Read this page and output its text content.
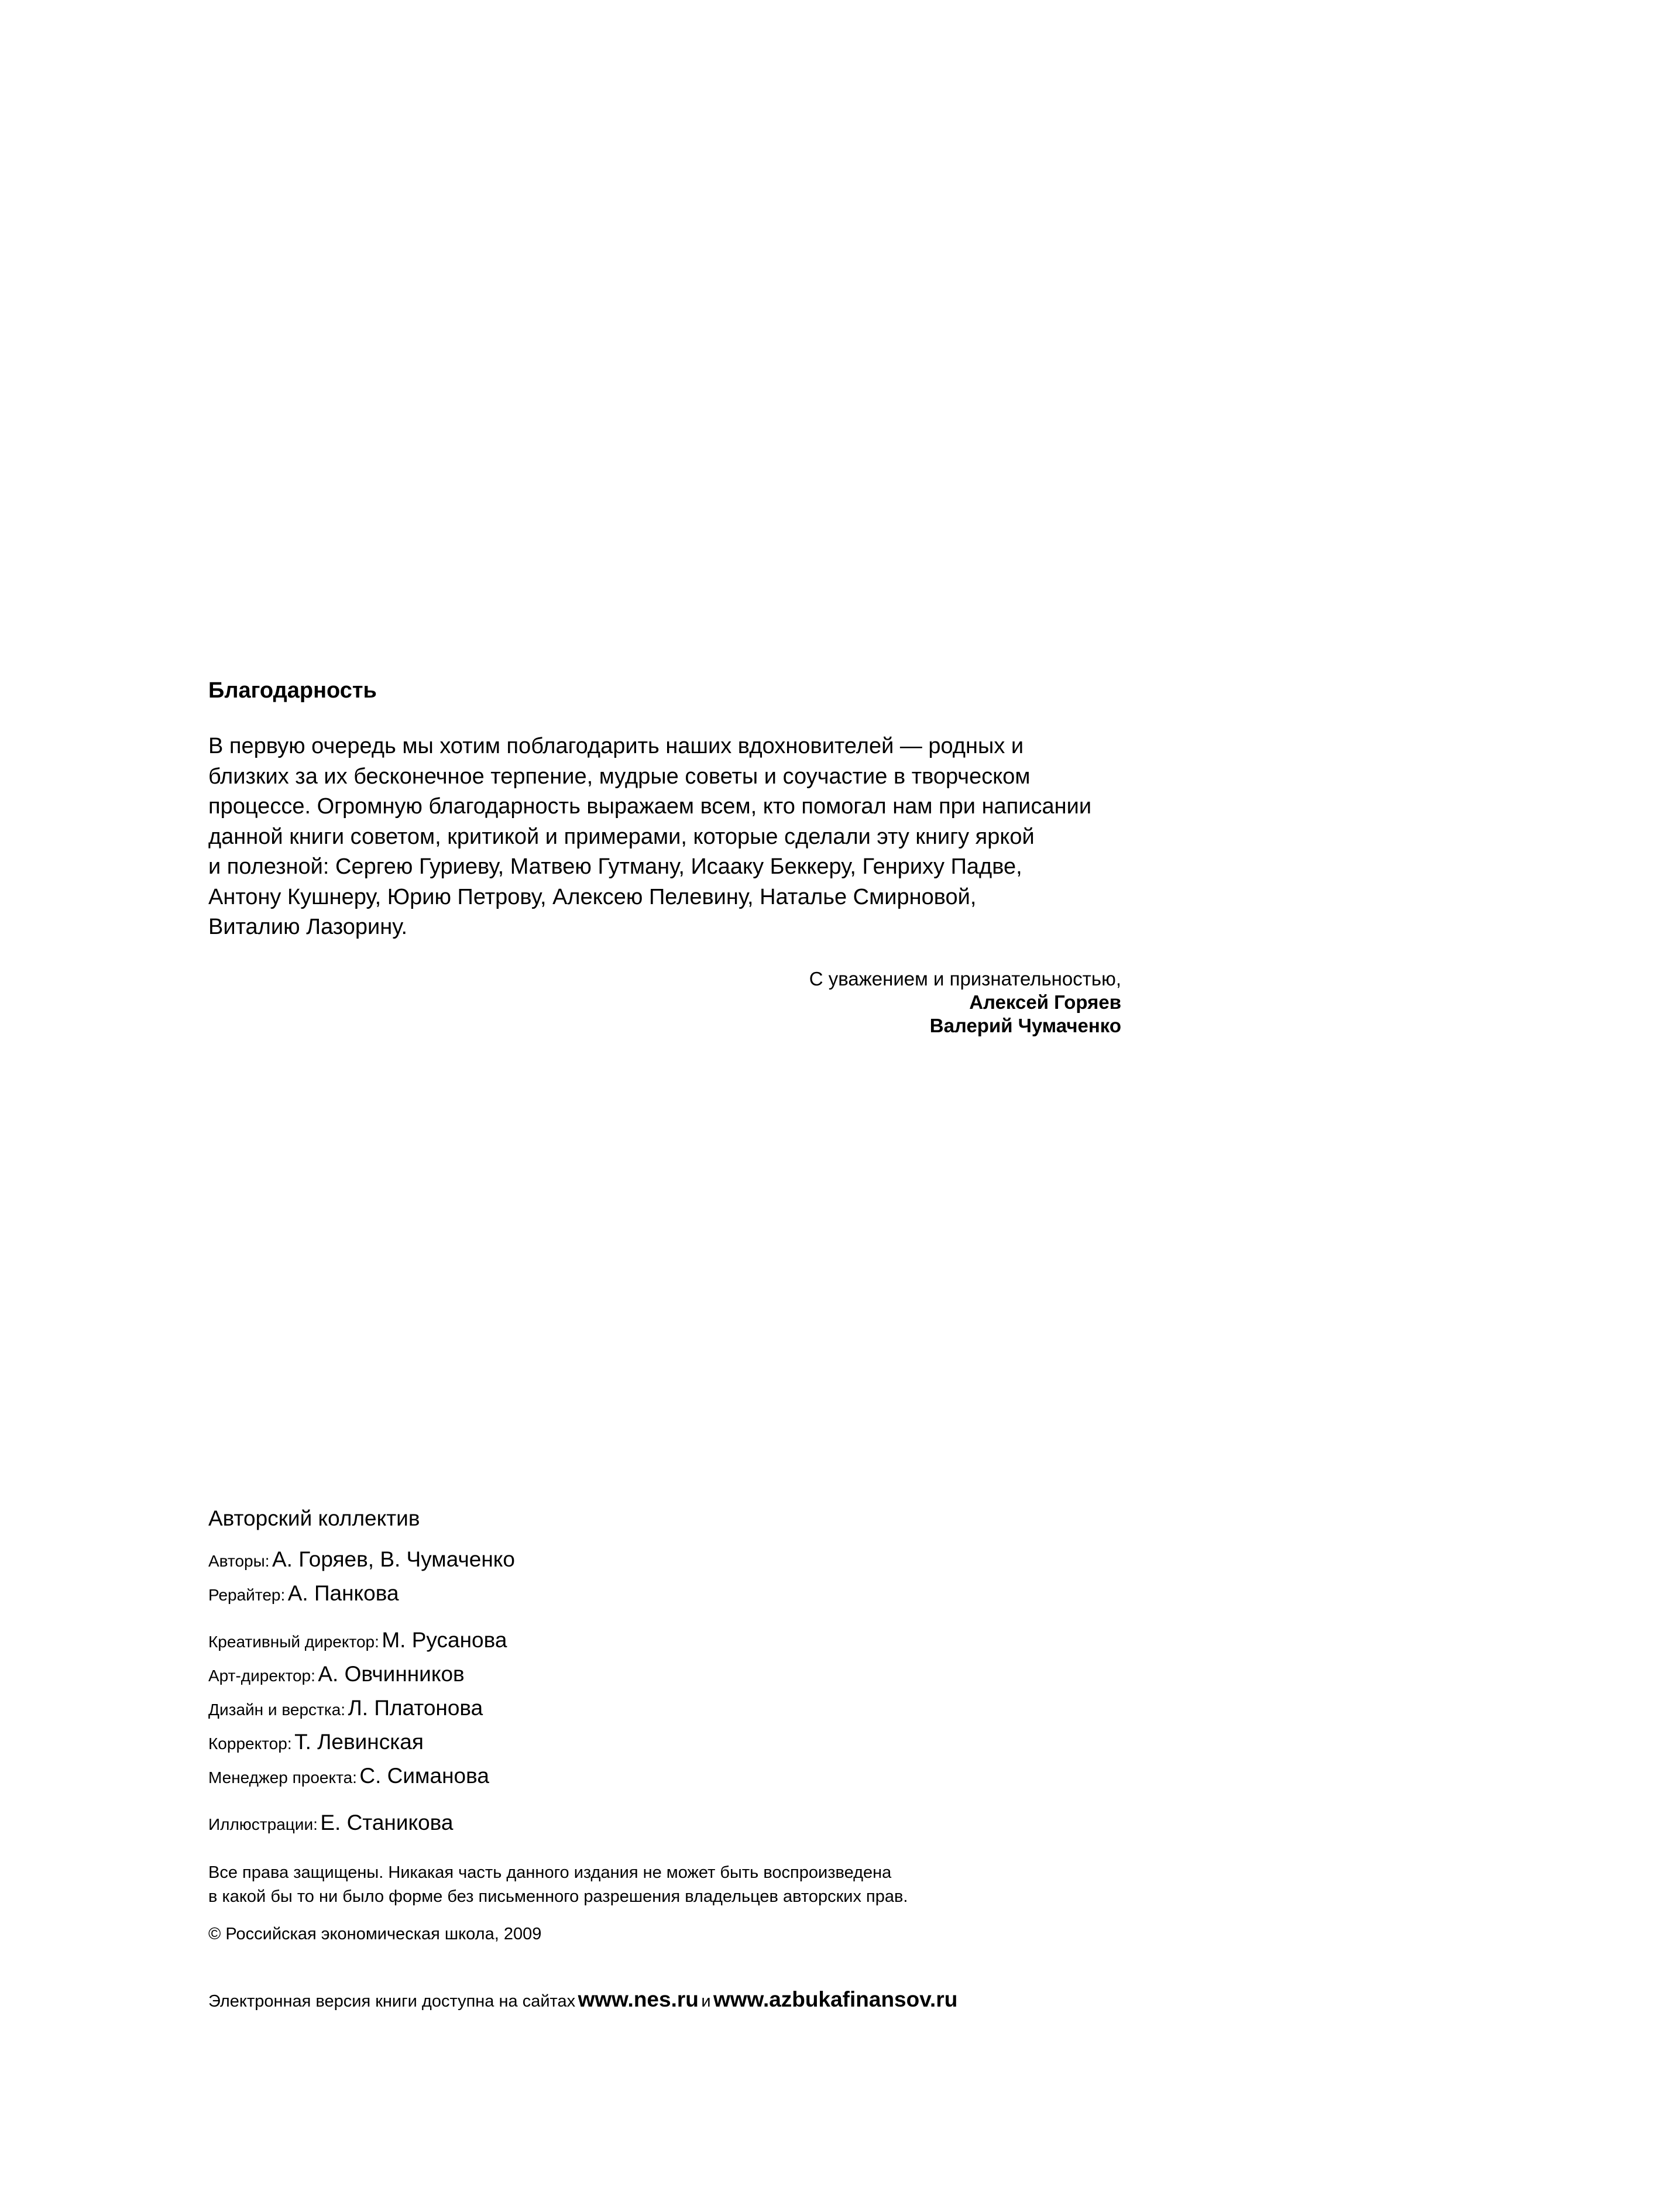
Благодарность

В первую очередь мы хотим поблагодарить наших вдохновителей — родных и
близких за их бесконечное терпение, мудрые советы и соучастие в творческом
процессе. Огромную благодарность выражаем всем, кто помогал нам при написании
данной книги советом, критикой и примерами, которые сделали эту книгу яркой
и полезной: Сергею Гуриеву, Матвею Гутману, Исааку Беккеру, Генриху Падве,
Антону Кушнеру, Юрию Петрову, Алексею Пелевину, Наталье Смирновой,
Виталию Лазорину.

С уважением и признательностью,
Алексей Горяев
Валерий Чумаченко
Авторский коллектив
Авторы: А. Горяев, В. Чумаченко
Рерайтер: А. Панкова
Креативный директор: М. Русанова
Арт-директор: А. Овчинников
Дизайн и верстка: Л. Платонова
Корректор: Т. Левинская
Менеджер проекта: С. Симанова
Иллюстрации: Е. Станикова
Все права защищены. Никакая часть данного издания не может быть воспроизведена
в какой бы то ни было форме без письменного разрешения владельцев авторских прав.
© Российская экономическая школа, 2009
Электронная версия книги доступна на сайтах www.nes.ru и www.azbukafinansov.ru
